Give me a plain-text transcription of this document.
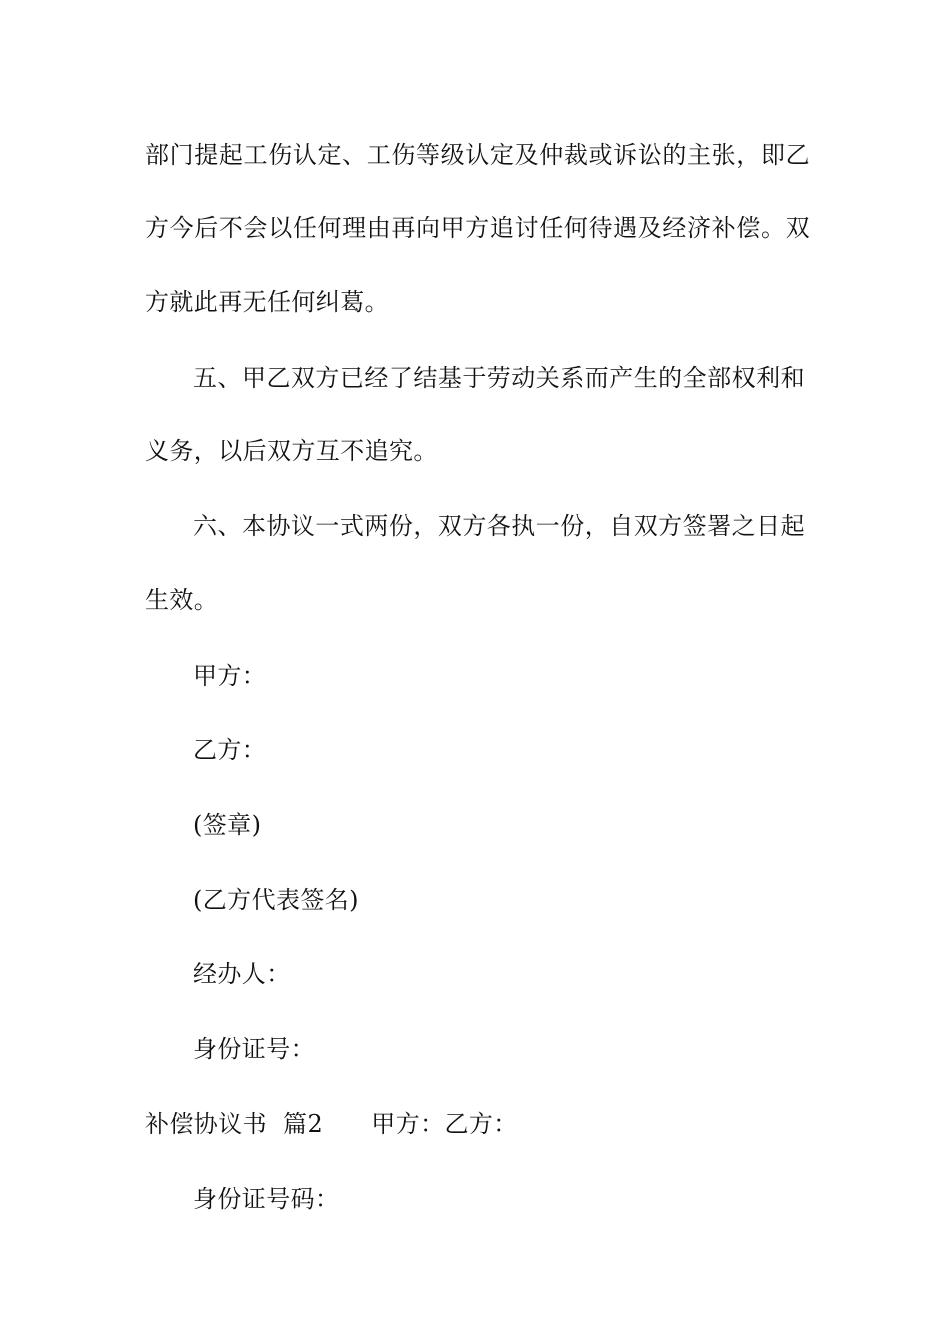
部门提起工伤认定、工伤等级认定及仲裁或诉讼的主张，即乙
方今后不会以任何理由再向甲方追讨任何待遇及经济补偿。双
方就此再无任何纠葛。
五、甲乙双方已经了结基于劳动关系而产生的全部权利和
义务，以后双方互不追究。
六、本协议一式两份，双方各执一份，自双方签署之日起
生效。
甲方：
乙方：
(签章)
(乙方代表签名)
经办人：
身份证号：
补偿协议书  篇2      甲方：乙方：
身份证号码：
